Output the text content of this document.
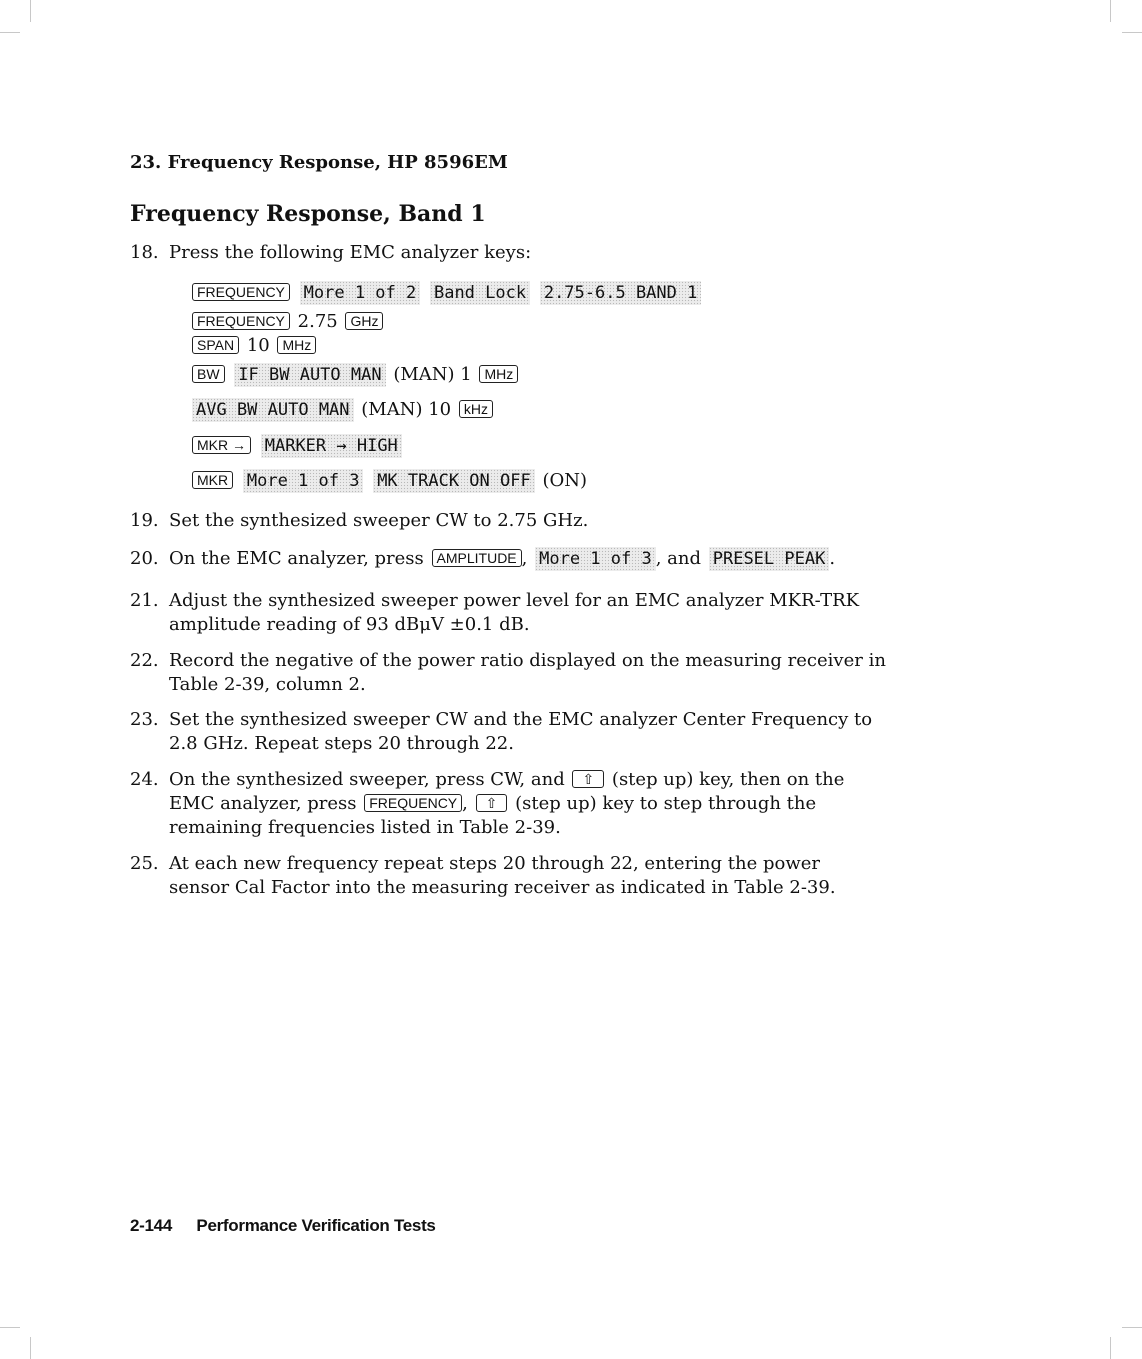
23. Frequency Response, HP 8596EM
Frequency Response, Band 1
18. Press the following EMC analyzer keys:
FREQUENCY More 1 of 2 Band Lock 2.75-6.5 BAND 1
FREQUENCY 2.75 GHz
SPAN 10 MHz
BW IF BW AUTO MAN (MAN) 1 MHz
AVG BW AUTO MAN (MAN) 10 kHz
MKR → MARKER → HIGH
MKR More 1 of 3 MK TRACK ON OFF (ON)
19. Set the synthesized sweeper CW to 2.75 GHz.
20. On the EMC analyzer, press AMPLITUDE , More 1 of 3 , and PRESEL PEAK .
21. Adjust the synthesized sweeper power level for an EMC analyzer MKR-TRK amplitude reading of 93 dBμV ±0.1 dB.
22. Record the negative of the power ratio displayed on the measuring receiver in Table 2-39, column 2.
23. Set the synthesized sweeper CW and the EMC analyzer Center Frequency to 2.8 GHz. Repeat steps 20 through 22.
24. On the synthesized sweeper, press CW, and ⇧ (step up) key, then on the EMC analyzer, press FREQUENCY , ⇧ (step up) key to step through the remaining frequencies listed in Table 2-39.
25. At each new frequency repeat steps 20 through 22, entering the power sensor Cal Factor into the measuring receiver as indicated in Table 2-39.
2-144 Performance Verification Tests
